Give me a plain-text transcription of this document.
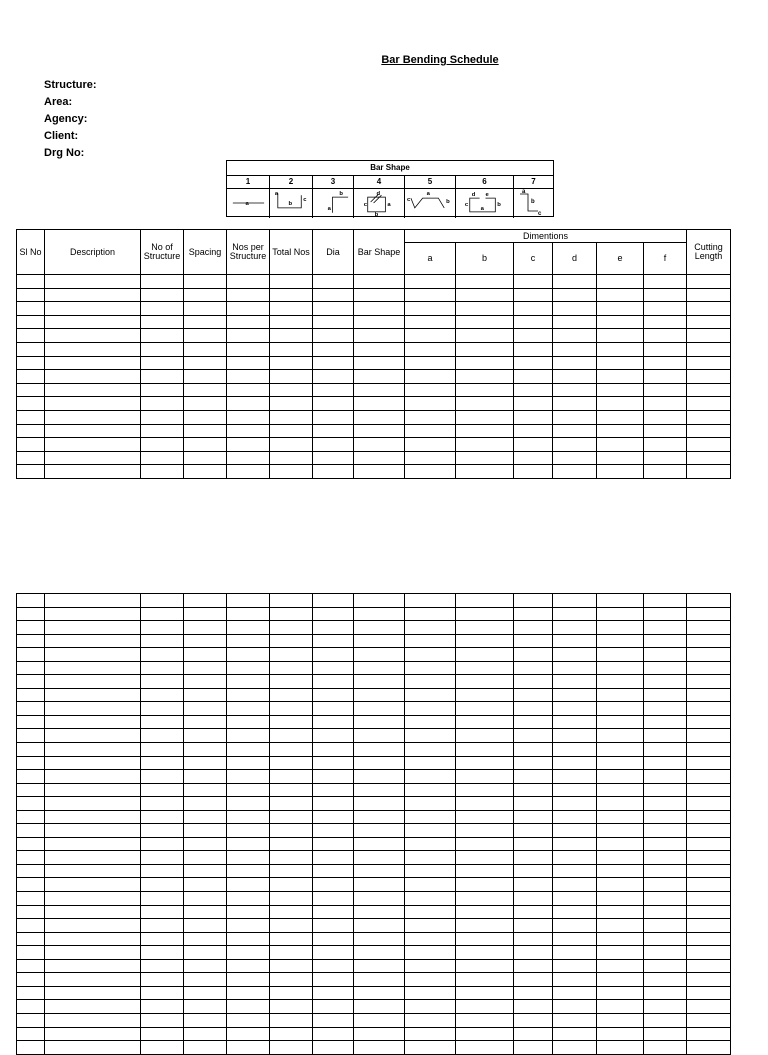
Bar Bending Schedule
Structure:
Area:
Agency:
Client:
Drg No:
Bar Shape
1	2	3	4	5	6	7
a
a
b
c
a
b	d
c
b
a
a
c	b
d e
c
a
b
a
b
c
Sl No	Description	No of Structure	Spacing	Nos per Structure	Total Nos	Dia	Bar Shape	Dimentions						Cutting Length
								a	b	c	d	e	f	
